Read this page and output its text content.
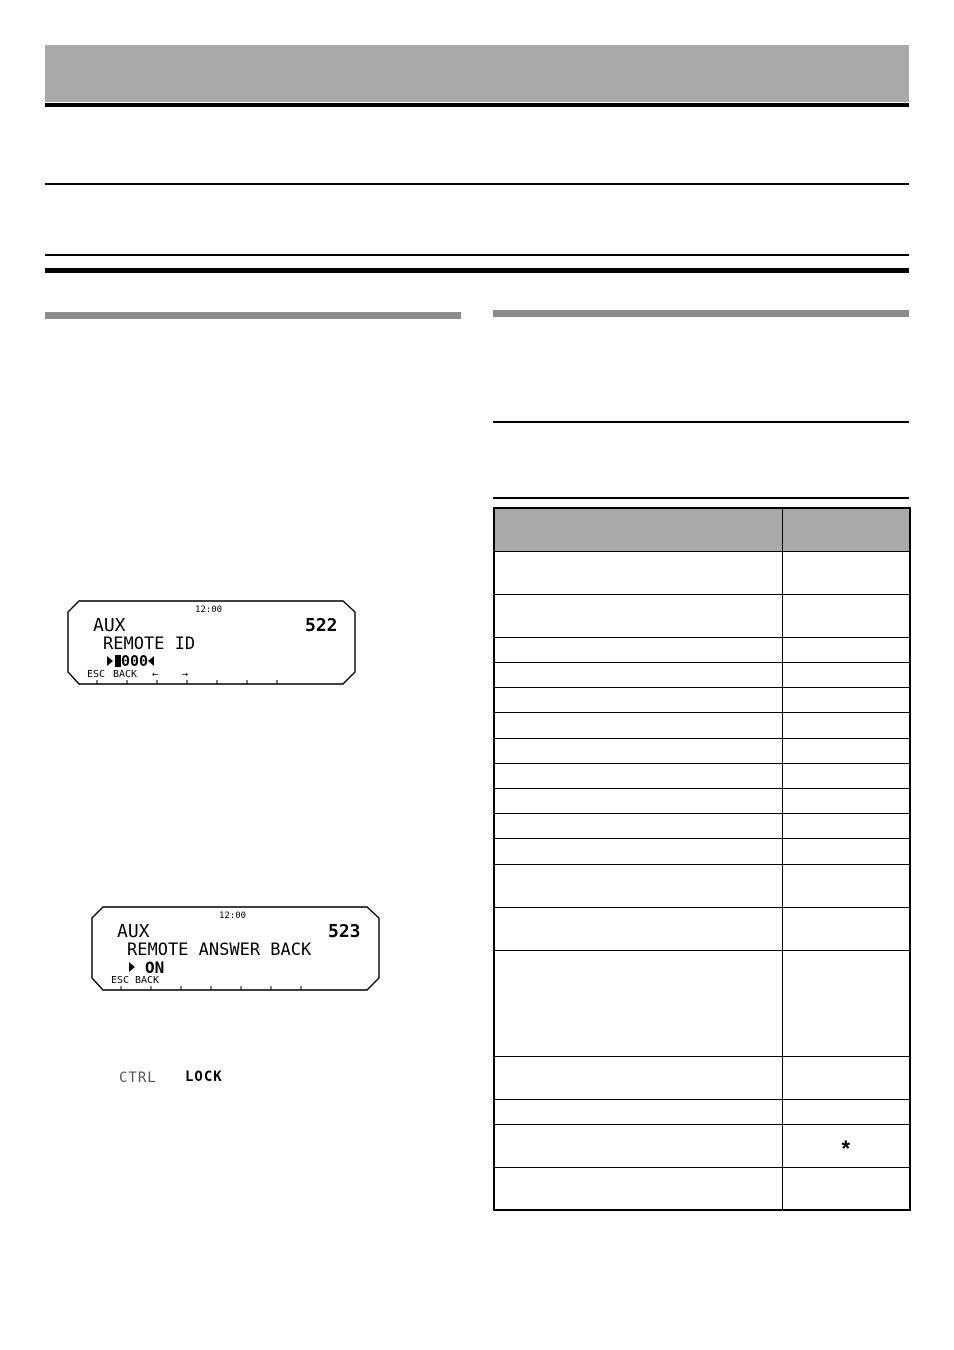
12:00
AUX	522
REMOTE ID
000
ESC BACK ← →
12:00
AUX	523
REMOTE ANSWER BACK
ON
ESC BACK
CTRL LOCK

	*
